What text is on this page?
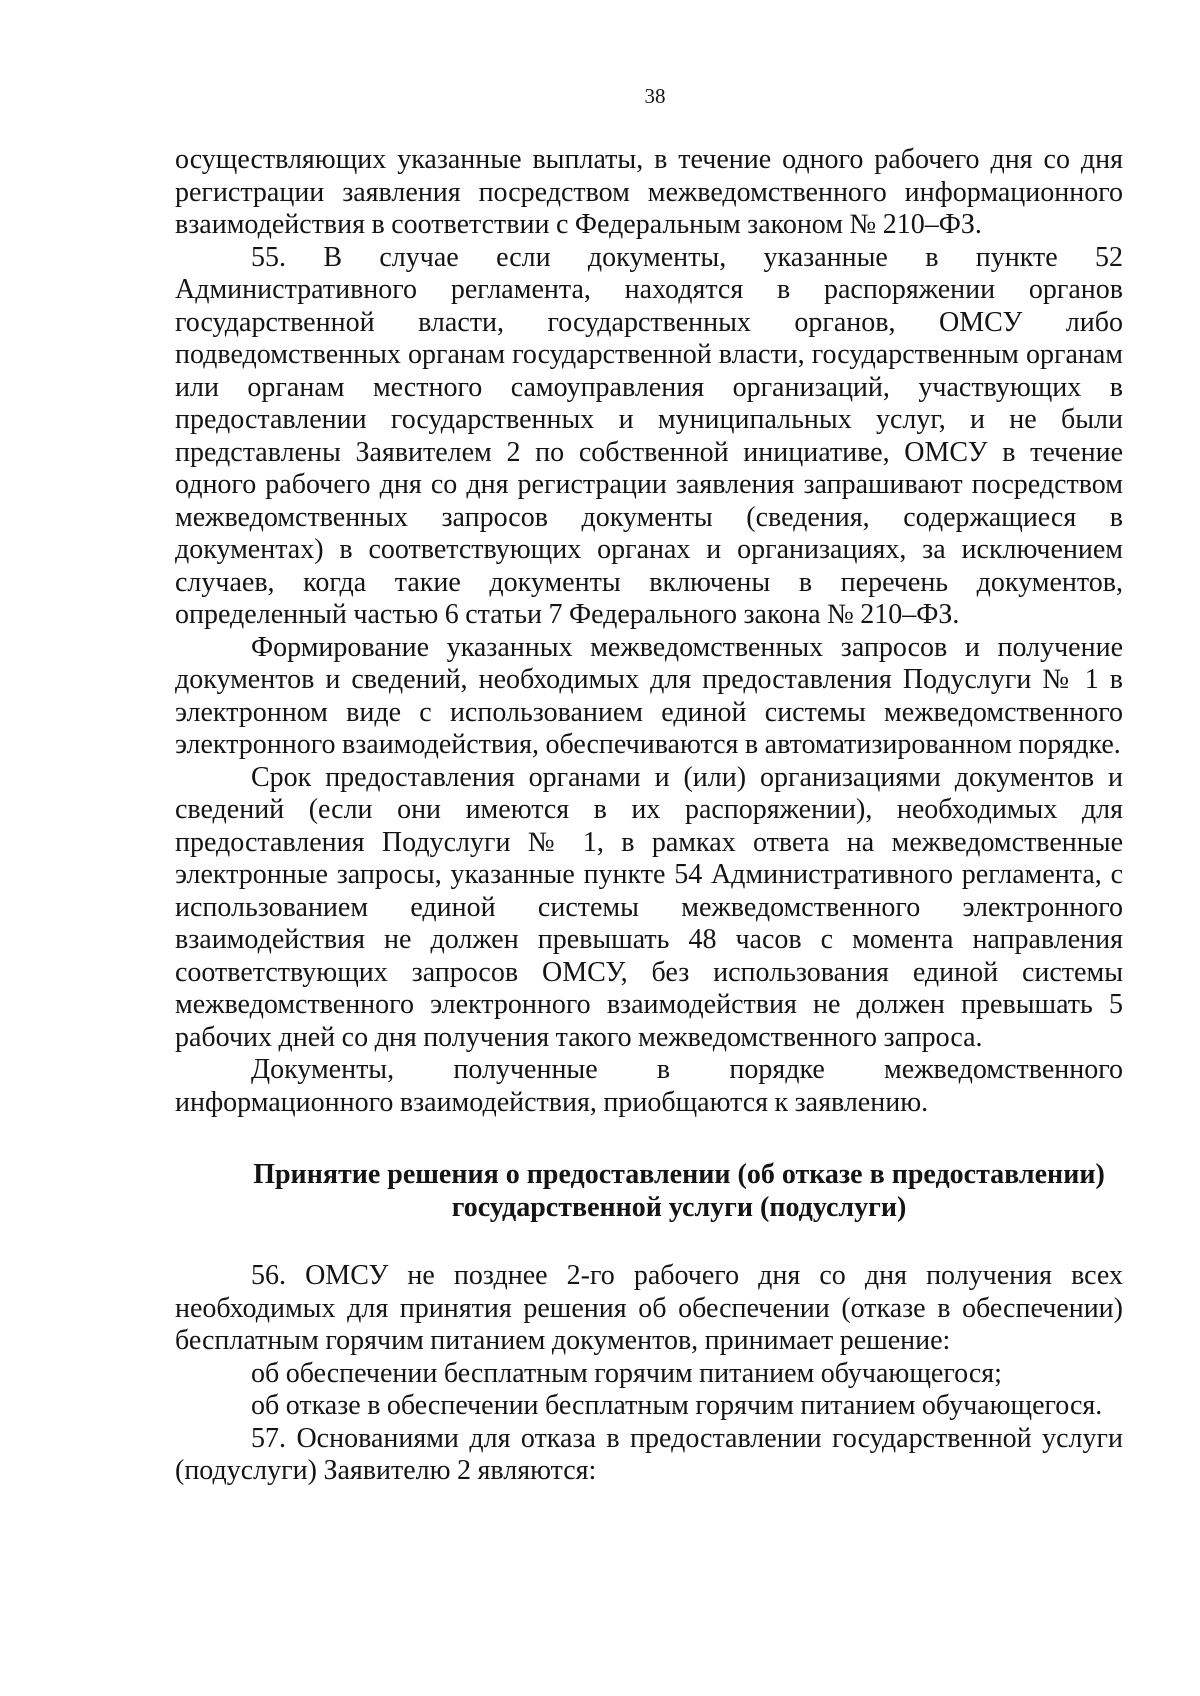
38

осуществляющих указанные выплаты, в течение одного рабочего дня со дня регистрации заявления посредством межведомственного информационного взаимодействия в соответствии с Федеральным законом № 210–ФЗ.

55. В случае если документы, указанные в пункте 52 Административного регламента, находятся в распоряжении органов государственной власти, государственных органов, ОМСУ либо подведомственных органам государственной власти, государственным органам или органам местного самоуправления организаций, участвующих в предоставлении государственных и муниципальных услуг, и не были представлены Заявителем 2 по собственной инициативе, ОМСУ в течение одного рабочего дня со дня регистрации заявления запрашивают посредством межведомственных запросов документы (сведения, содержащиеся в документах) в соответствующих органах и организациях, за исключением случаев, когда такие документы включены в перечень документов, определенный частью 6 статьи 7 Федерального закона № 210–ФЗ.

Формирование указанных межведомственных запросов и получение документов и сведений, необходимых для предоставления Подуслуги № 1 в электронном виде с использованием единой системы межведомственного электронного взаимодействия, обеспечиваются в автоматизированном порядке.

Срок предоставления органами и (или) организациями документов и сведений (если они имеются в их распоряжении), необходимых для предоставления Подуслуги № 1, в рамках ответа на межведомственные электронные запросы, указанные пункте 54 Административного регламента, с использованием единой системы межведомственного электронного взаимодействия не должен превышать 48 часов с момента направления соответствующих запросов ОМСУ, без использования единой системы межведомственного электронного взаимодействия не должен превышать 5 рабочих дней со дня получения такого межведомственного запроса.

Документы, полученные в порядке межведомственного информационного взаимодействия, приобщаются к заявлению.

Принятие решения о предоставлении (об отказе в предоставлении)
государственной услуги (подуслуги)

56. ОМСУ не позднее 2-го рабочего дня со дня получения всех необходимых для принятия решения об обеспечении (отказе в обеспечении) бесплатным горячим питанием документов, принимает решение:

об обеспечении бесплатным горячим питанием обучающегося;

об отказе в обеспечении бесплатным горячим питанием обучающегося.

57. Основаниями для отказа в предоставлении государственной услуги (подуслуги) Заявителю 2 являются:
